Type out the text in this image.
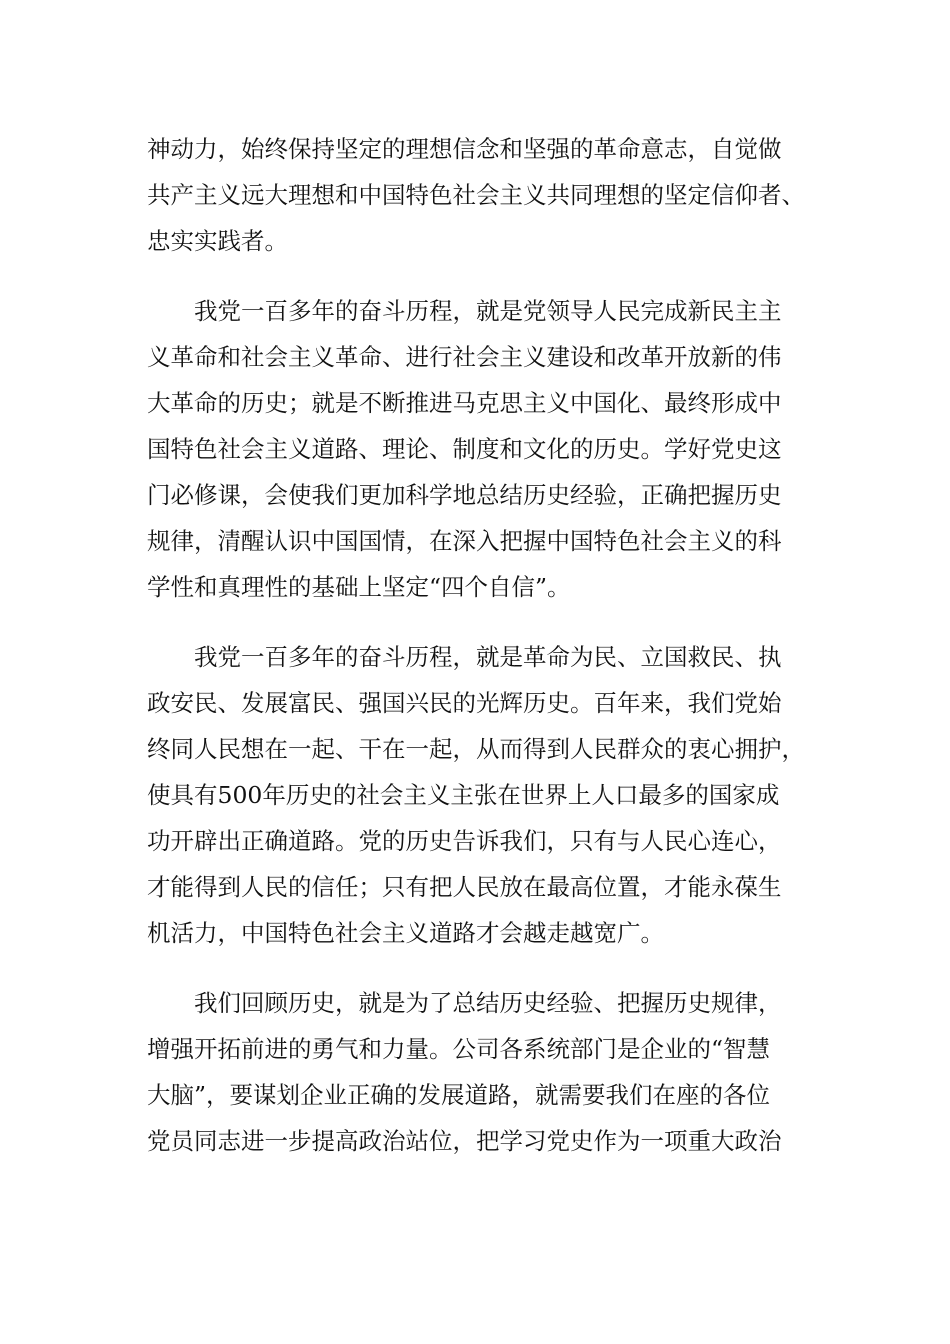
神动力，始终保持坚定的理想信念和坚强的革命意志，自觉做
共产主义远大理想和中国特色社会主义共同理想的坚定信仰者、
忠实实践者。
我党一百多年的奋斗历程，就是党领导人民完成新民主主
义革命和社会主义革命、进行社会主义建设和改革开放新的伟
大革命的历史；就是不断推进马克思主义中国化、最终形成中
国特色社会主义道路、理论、制度和文化的历史。学好党史这
门必修课，会使我们更加科学地总结历史经验，正确把握历史
规律，清醒认识中国国情，在深入把握中国特色社会主义的科
学性和真理性的基础上坚定“四个自信”。
我党一百多年的奋斗历程，就是革命为民、立国救民、执
政安民、发展富民、强国兴民的光辉历史。百年来，我们党始
终同人民想在一起、干在一起，从而得到人民群众的衷心拥护，
使具有500年历史的社会主义主张在世界上人口最多的国家成
功开辟出正确道路。党的历史告诉我们，只有与人民心连心，
才能得到人民的信任；只有把人民放在最高位置，才能永葆生
机活力，中国特色社会主义道路才会越走越宽广。
我们回顾历史，就是为了总结历史经验、把握历史规律，
增强开拓前进的勇气和力量。公司各系统部门是企业的“智慧
大脑”，要谋划企业正确的发展道路，就需要我们在座的各位
党员同志进一步提高政治站位，把学习党史作为一项重大政治
